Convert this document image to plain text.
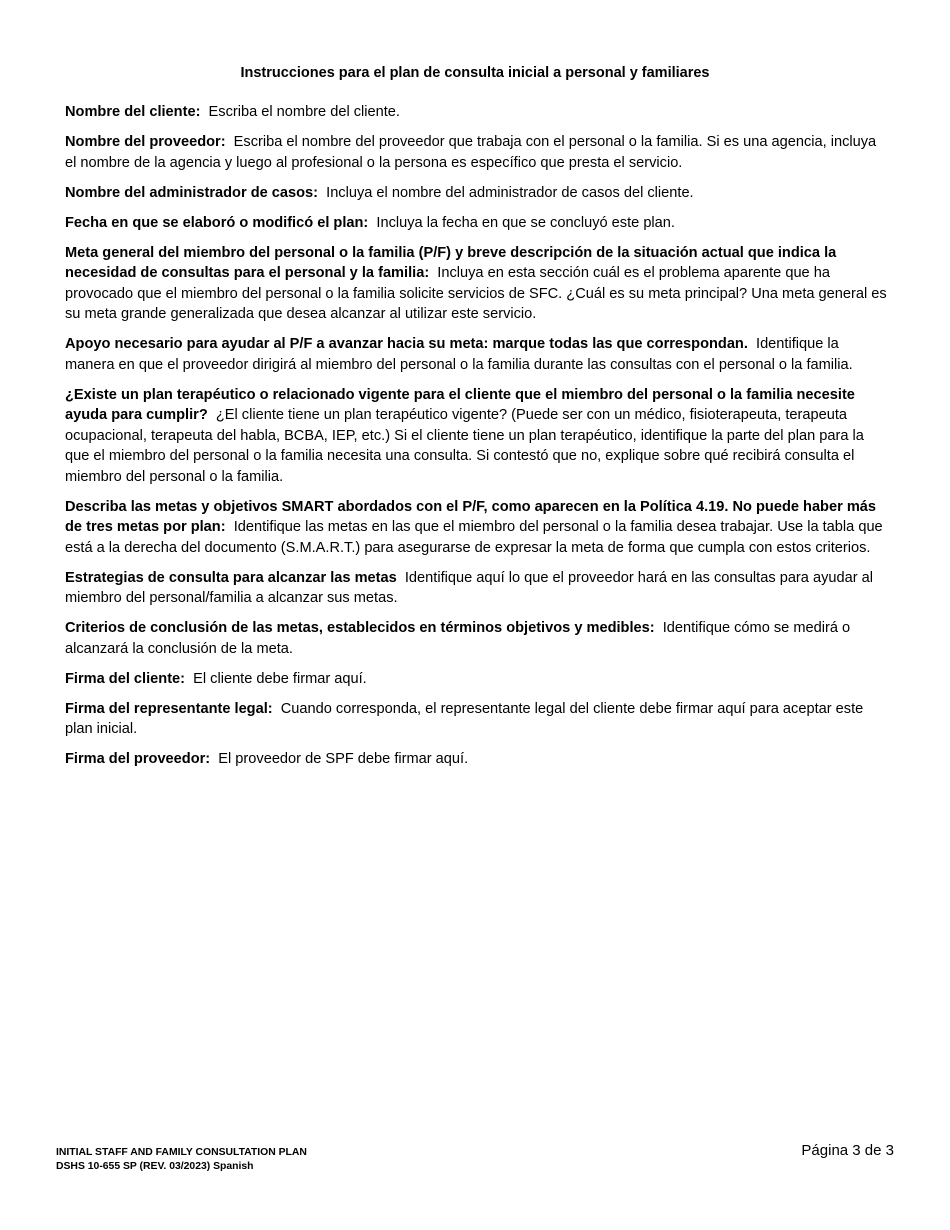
Instrucciones para el plan de consulta inicial a personal y familiares

Nombre del cliente: Escriba el nombre del cliente.

Nombre del proveedor: Escriba el nombre del proveedor que trabaja con el personal o la familia. Si es una agencia, incluya el nombre de la agencia y luego al profesional o la persona es específico que presta el servicio.

Nombre del administrador de casos: Incluya el nombre del administrador de casos del cliente.

Fecha en que se elaboró o modificó el plan: Incluya la fecha en que se concluyó este plan.

Meta general del miembro del personal o la familia (P/F) y breve descripción de la situación actual que indica la necesidad de consultas para el personal y la familia: Incluya en esta sección cuál es el problema aparente que ha provocado que el miembro del personal o la familia solicite servicios de SFC. ¿Cuál es su meta principal? Una meta general es su meta grande generalizada que desea alcanzar al utilizar este servicio.

Apoyo necesario para ayudar al P/F a avanzar hacia su meta: marque todas las que correspondan. Identifique la manera en que el proveedor dirigirá al miembro del personal o la familia durante las consultas con el personal o la familia.

¿Existe un plan terapéutico o relacionado vigente para el cliente que el miembro del personal o la familia necesite ayuda para cumplir? ¿El cliente tiene un plan terapéutico vigente? (Puede ser con un médico, fisioterapeuta, terapeuta ocupacional, terapeuta del habla, BCBA, IEP, etc.) Si el cliente tiene un plan terapéutico, identifique la parte del plan para la que el miembro del personal o la familia necesita una consulta. Si contestó que no, explique sobre qué recibirá consulta el miembro del personal o la familia.

Describa las metas y objetivos SMART abordados con el P/F, como aparecen en la Política 4.19. No puede haber más de tres metas por plan: Identifique las metas en las que el miembro del personal o la familia desea trabajar. Use la tabla que está a la derecha del documento (S.M.A.R.T.) para asegurarse de expresar la meta de forma que cumpla con estos criterios.

Estrategias de consulta para alcanzar las metas Identifique aquí lo que el proveedor hará en las consultas para ayudar al miembro del personal/familia a alcanzar sus metas.

Criterios de conclusión de las metas, establecidos en términos objetivos y medibles: Identifique cómo se medirá o alcanzará la conclusión de la meta.

Firma del cliente: El cliente debe firmar aquí.

Firma del representante legal: Cuando corresponda, el representante legal del cliente debe firmar aquí para aceptar este plan inicial.

Firma del proveedor: El proveedor de SPF debe firmar aquí.

INITIAL STAFF AND FAMILY CONSULTATION PLAN
DSHS 10-655 SP (REV. 03/2023) Spanish
Página 3 de 3
